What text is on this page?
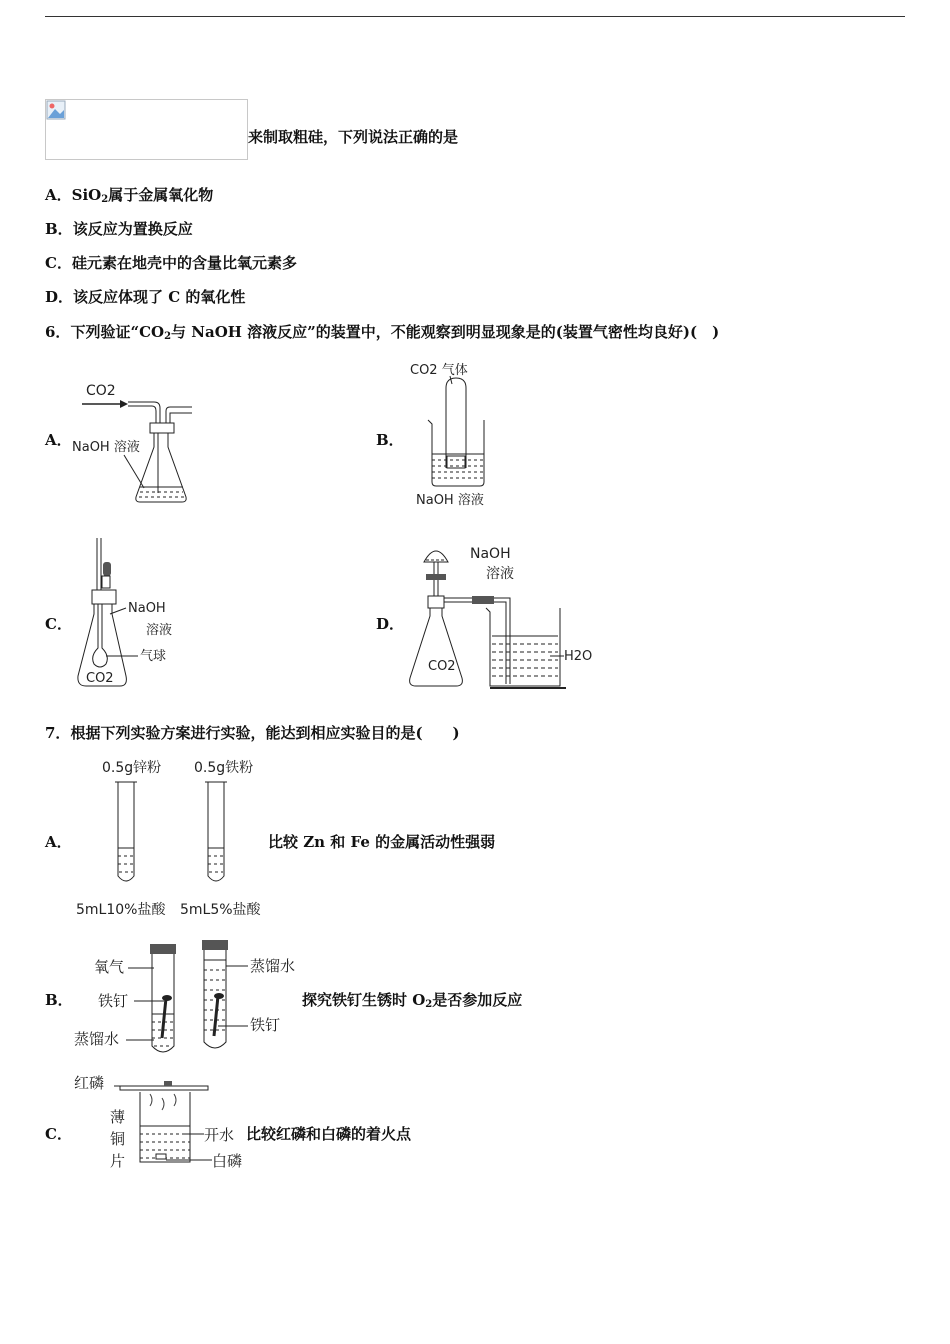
来制取粗硅，下列说法正确的是
A．SiO$_2$属于金属氧化物
B．该反应为置换反应
C．硅元素在地壳中的含量比氧元素多
D．该反应体现了 C 的氧化性
6．下列验证“$CO_2$与 NaOH 溶液反应”的装置中，不能观察到明显现象是的(装置气密性均良好)(　)
A．
CO2
NaOH 溶液	B．
CO2 气体
NaOH 溶液
C．
NaOH
溶液
气球
CO2
D．
NaOH
溶液
CO2
H2O
7．根据下列实验方案进行实验，能达到相应实验目的是(　　)
A．
0.5g锌粉 0.5g铁粉
5mL10%盐酸 5mL5%盐酸
比较 Zn 和 Fe 的金属活动性强弱
B．
氧气
铁钉
蒸馏水
蒸馏水
铁钉
探究铁钉生锈时 $O_2$是否参加反应
C．
红磷
薄
铜
片
开水
白磷
比较红磷和白磷的着火点
